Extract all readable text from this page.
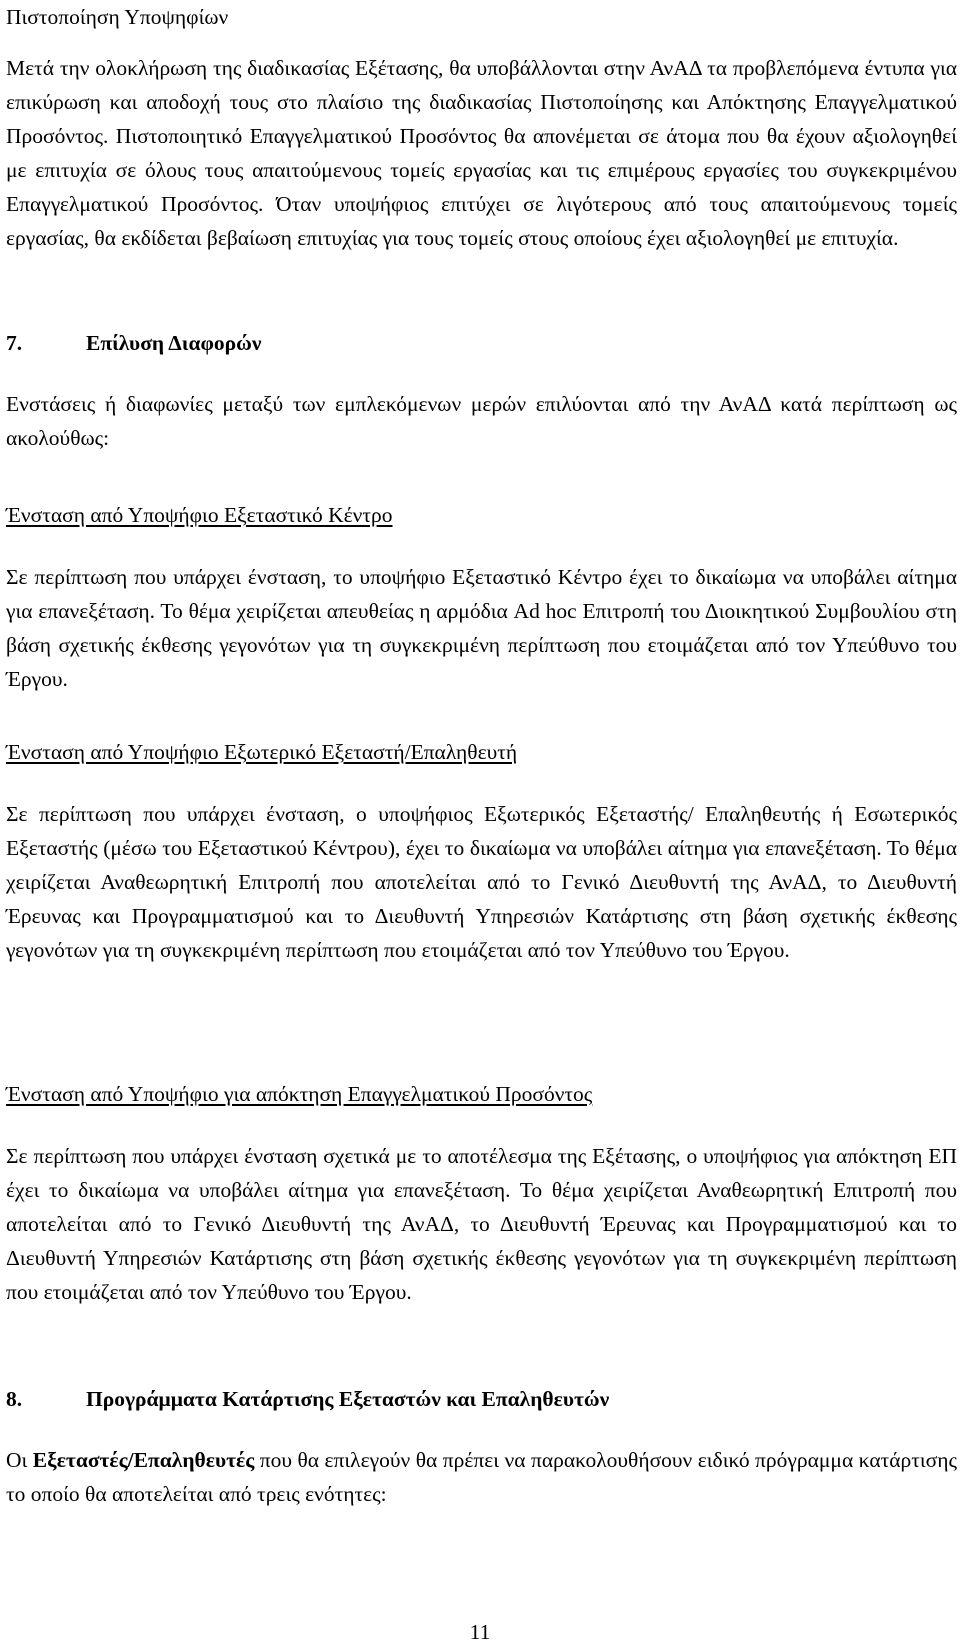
Πιστοποίηση Υποψηφίων

Μετά την ολοκλήρωση της διαδικασίας Εξέτασης, θα υποβάλλονται στην ΑνΑΔ τα προβλεπόμενα έντυπα για επικύρωση και αποδοχή τους στο πλαίσιο της διαδικασίας Πιστοποίησης και Απόκτησης Επαγγελματικού Προσόντος. Πιστοποιητικό Επαγγελματικού Προσόντος θα απονέμεται σε άτομα που θα έχουν αξιολογηθεί με επιτυχία σε όλους τους απαιτούμενους τομείς εργασίας και τις επιμέρους εργασίες του συγκεκριμένου Επαγγελματικού Προσόντος. Όταν υποψήφιος επιτύχει σε λιγότερους από τους απαιτούμενους τομείς εργασίας, θα εκδίδεται βεβαίωση επιτυχίας για τους τομείς στους οποίους έχει αξιολογηθεί με επιτυχία.

7.	Επίλυση Διαφορών

Ενστάσεις ή διαφωνίες μεταξύ των εμπλεκόμενων μερών επιλύονται από την ΑνΑΔ κατά περίπτωση ως ακολούθως:

Ένσταση από Υποψήφιο Εξεταστικό Κέντρο

Σε περίπτωση που υπάρχει ένσταση, το υποψήφιο Εξεταστικό Κέντρο έχει το δικαίωμα να υποβάλει αίτημα για επανεξέταση. Το θέμα χειρίζεται απευθείας η αρμόδια Ad hoc Επιτροπή του Διοικητικού Συμβουλίου στη βάση σχετικής έκθεσης γεγονότων για τη συγκεκριμένη περίπτωση που ετοιμάζεται από τον Υπεύθυνο του Έργου.

Ένσταση από Υποψήφιο Εξωτερικό Εξεταστή/Επαληθευτή

Σε περίπτωση που υπάρχει ένσταση, ο υποψήφιος Εξωτερικός Εξεταστής/ Επαληθευτής ή Εσωτερικός Εξεταστής (μέσω του Εξεταστικού Κέντρου), έχει το δικαίωμα να υποβάλει αίτημα για επανεξέταση. Το θέμα χειρίζεται Αναθεωρητική Επιτροπή που αποτελείται από το Γενικό Διευθυντή της ΑνΑΔ, το Διευθυντή Έρευνας και Προγραμματισμού και το Διευθυντή Υπηρεσιών Κατάρτισης στη βάση σχετικής έκθεσης γεγονότων για τη συγκεκριμένη περίπτωση που ετοιμάζεται από τον Υπεύθυνο του Έργου.

Ένσταση από Υποψήφιο για απόκτηση Επαγγελματικού Προσόντος

Σε περίπτωση που υπάρχει ένσταση σχετικά με το αποτέλεσμα της Εξέτασης, ο υποψήφιος για απόκτηση ΕΠ έχει το δικαίωμα να υποβάλει αίτημα για επανεξέταση. Το θέμα χειρίζεται Αναθεωρητική Επιτροπή που αποτελείται από το Γενικό Διευθυντή της ΑνΑΔ, το Διευθυντή Έρευνας και Προγραμματισμού και το Διευθυντή Υπηρεσιών Κατάρτισης στη βάση σχετικής έκθεσης γεγονότων για τη συγκεκριμένη περίπτωση που ετοιμάζεται από τον Υπεύθυνο του Έργου.

8.	Προγράμματα Κατάρτισης Εξεταστών και Επαληθευτών

Οι Εξεταστές/Επαληθευτές που θα επιλεγούν θα πρέπει να παρακολουθήσουν ειδικό πρόγραμμα κατάρτισης το οποίο θα αποτελείται από τρεις ενότητες:

11
